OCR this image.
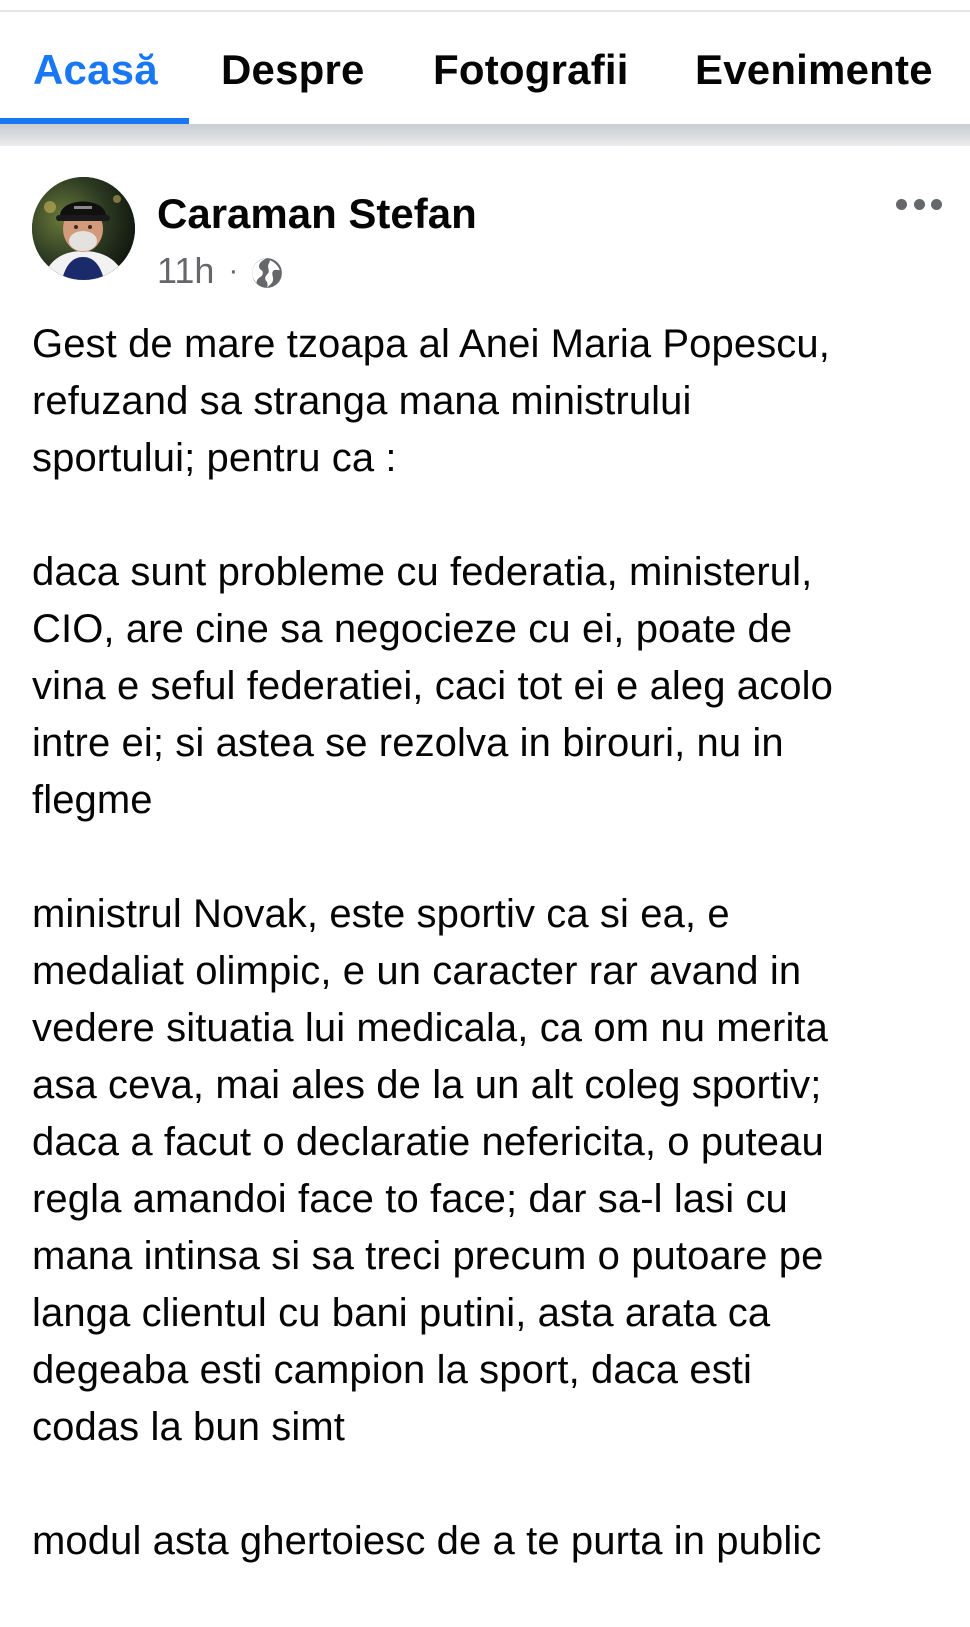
Acasă Despre Fotografii Evenimente
Caraman Stefan
11h ·

Gest de mare tzoapa al Anei Maria Popescu,
refuzand sa stranga mana ministrului
sportului; pentru ca :

daca sunt probleme cu federatia, ministerul,
CIO, are cine sa negocieze cu ei, poate de
vina e seful federatiei, caci tot ei e aleg acolo
intre ei; si astea se rezolva in birouri, nu in
flegme

ministrul Novak, este sportiv ca si ea, e
medaliat olimpic, e un caracter rar avand in
vedere situatia lui medicala, ca om nu merita
asa ceva, mai ales de la un alt coleg sportiv;
daca a facut o declaratie nefericita, o puteau
regla amandoi face to face; dar sa-l lasi cu
mana intinsa si sa treci precum o putoare pe
langa clientul cu bani putini, asta arata ca
degeaba esti campion la sport, daca esti
codas la bun simt

modul asta ghertoiesc de a te purta in public
